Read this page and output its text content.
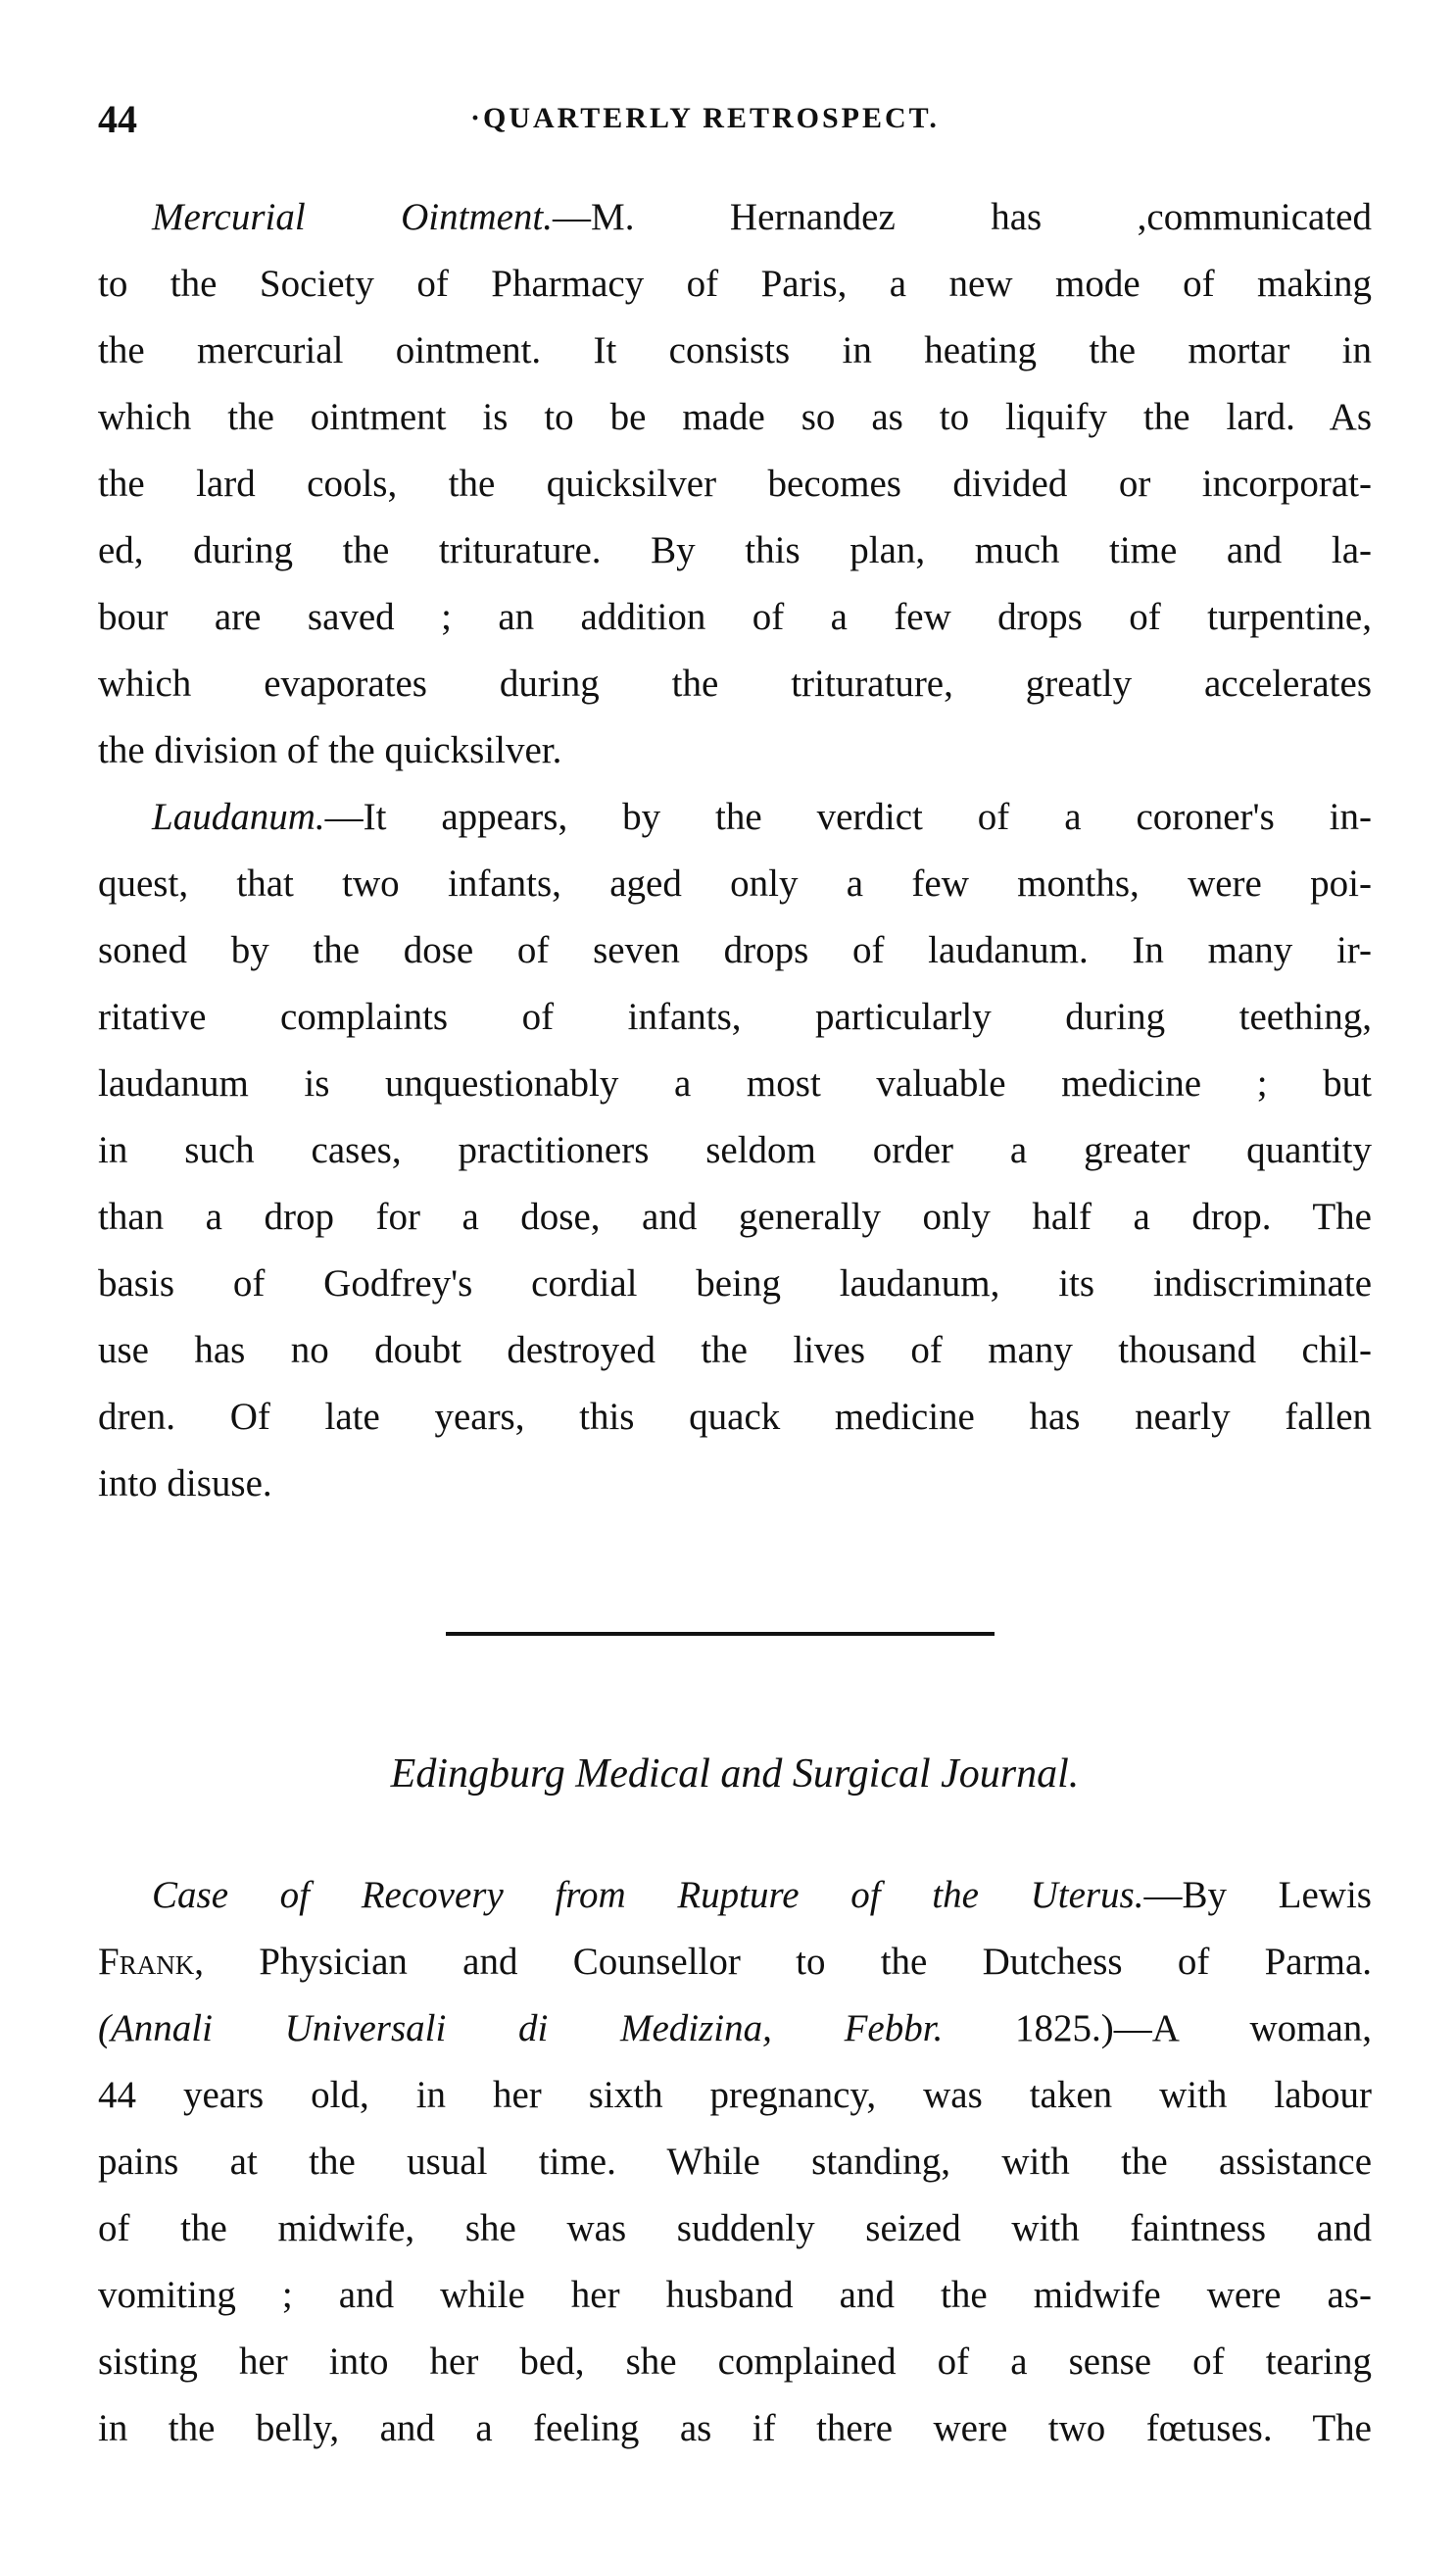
44	·QUARTERLY RETROSPECT.
Mercurial Ointment.—M. Hernandez has ,communicated
to the Society of Pharmacy of Paris, a new mode of making
the mercurial ointment. It consists in heating the mortar in
which the ointment is to be made so as to liquify the lard. As
the lard cools, the quicksilver becomes divided or incorporat-
ed, during the triturature. By this plan, much time and la-
bour are saved ; an addition of a few drops of turpentine,
which evaporates during the triturature, greatly accelerates
the division of the quicksilver.
Laudanum.—It appears, by the verdict of a coroner's in-
quest, that two infants, aged only a few months, were poi-
soned by the dose of seven drops of laudanum. In many ir-
ritative complaints of infants, particularly during teething,
laudanum is unquestionably a most valuable medicine ; but
in such cases, practitioners seldom order a greater quantity
than a drop for a dose, and generally only half a drop. The
basis of Godfrey's cordial being laudanum, its indiscriminate
use has no doubt destroyed the lives of many thousand chil-
dren. Of late years, this quack medicine has nearly fallen
into disuse.
Edingburg Medical and Surgical Journal.
Case of Recovery from Rupture of the Uterus.—By Lewis
Frank, Physician and Counsellor to the Dutchess of Parma.
(Annali Universali di Medizina, Febbr. 1825.)—A woman,
44 years old, in her sixth pregnancy, was taken with labour
pains at the usual time. While standing, with the assistance
of the midwife, she was suddenly seized with faintness and
vomiting ; and while her husband and the midwife were as-
sisting her into her bed, she complained of a sense of tearing
in the belly, and a feeling as if there were two fœtuses. The
